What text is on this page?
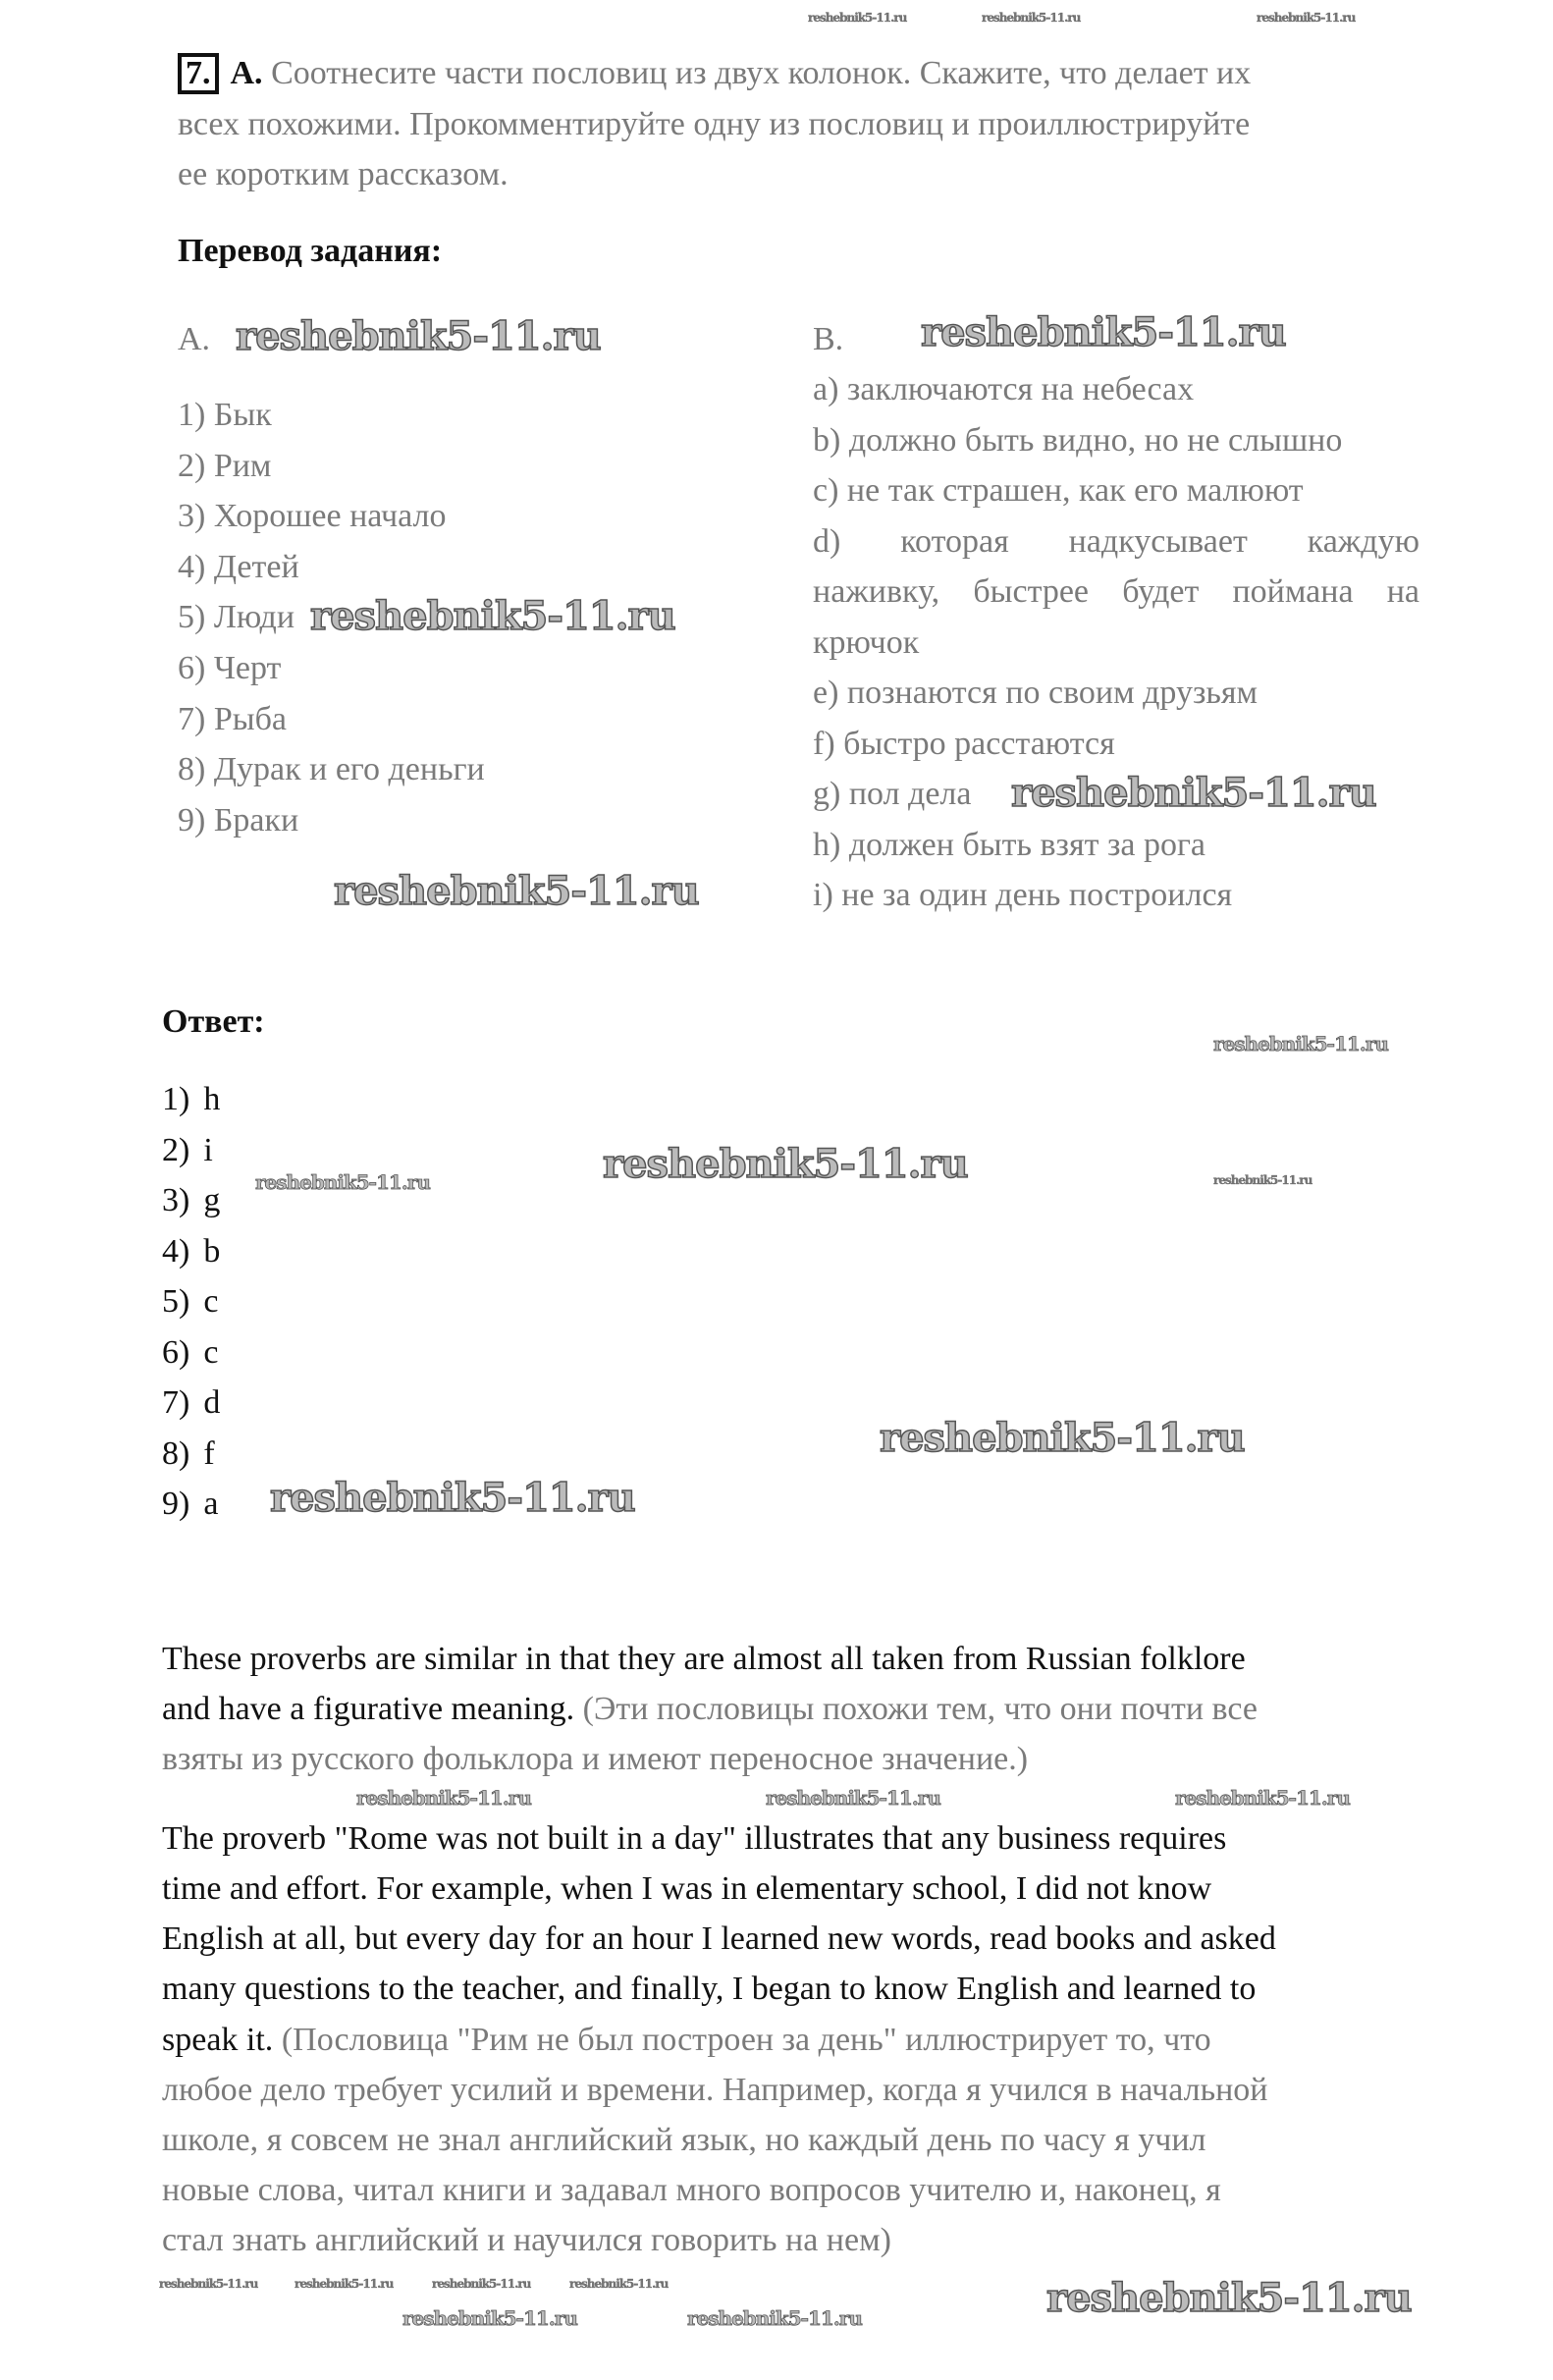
7. А. Соотнесите части пословиц из двух колонок. Скажите, что делает их
всех похожими. Прокомментируйте одну из пословиц и проиллюстрируйте
ее коротким рассказом.
Перевод задания:
A.
1) Бык
2) Рим
3) Хорошее начало
4) Детей
5) Люди
6) Черт
7) Рыба
8) Дурак и его деньги
9) Браки
B.
a) заключаются на небесах
b) должно быть видно, но не слышно
c) не так страшен, как его малюют
d) которая надкусывает каждую
наживку, быстрее будет поймана на
крючок
e) познаются по своим друзьям
f) быстро расстаются
g) пол дела
h) должен быть взят за рога
i) не за один день построился
Ответ:
1) h
2) i
3) g
4) b
5) c
6) c
7) d
8) f
9) a
These proverbs are similar in that they are almost all taken from Russian folklore
and have a figurative meaning. (Эти пословицы похожи тем, что они почти все
взяты из русского фольклора и имеют переносное значение.)
The proverb "Rome was not built in a day" illustrates that any business requires
time and effort. For example, when I was in elementary school, I did not know
English at all, but every day for an hour I learned new words, read books and asked
many questions to the teacher, and finally, I began to know English and learned to
speak it. (Пословица "Рим не был построен за день" иллюстрирует то, что
любое дело требует усилий и времени. Например, когда я учился в начальной
школе, я совсем не знал английский язык, но каждый день по часу я учил
новые слова, читал книги и задавал много вопросов учителю и, наконец, я
стал знать английский и научился говорить на нем)
reshebnik5-11.ru	reshebnik5-11.ru	reshebnik5-11.ru
reshebnik5-11.ru	reshebnik5-11.ru
reshebnik5-11.ru
reshebnik5-11.ru
reshebnik5-11.ru
reshebnik5-11.ru
reshebnik5-11.ru	reshebnik5-11.ru	reshebnik5-11.ru
reshebnik5-11.ru
reshebnik5-11.ru
reshebnik5-11.ru	reshebnik5-11.ru	reshebnik5-11.ru
reshebnik5-11.ru	reshebnik5-11.ru	reshebnik5-11.ru	reshebnik5-11.ru
reshebnik5-11.ru	reshebnik5-11.ru	reshebnik5-11.ru
